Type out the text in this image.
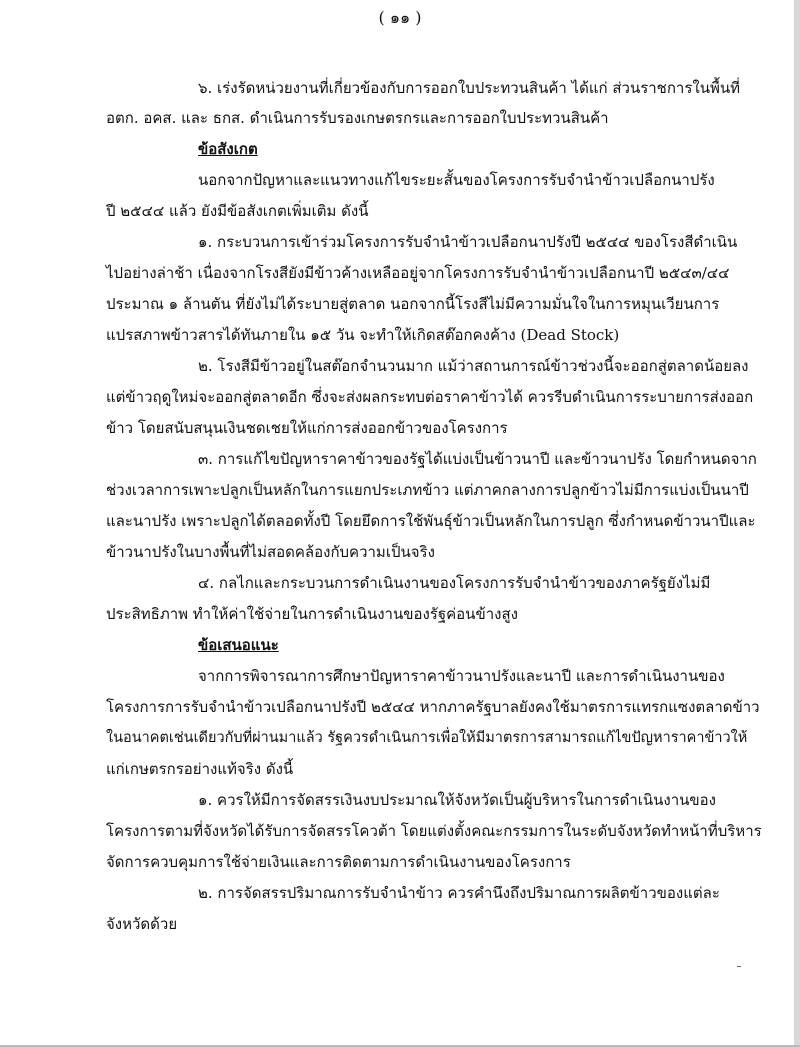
( ๑๑ )
๖. เร่งรัดหน่วยงานที่เกี่ยวข้องกับการออกใบประทวนสินค้า ได้แก่ ส่วนราชการในพื้นที่
อตก. อคส. และ ธกส. ดำเนินการรับรองเกษตรกรและการออกใบประทวนสินค้า
ข้อสังเกต
นอกจากปัญหาและแนวทางแก้ไขระยะสั้นของโครงการรับจำนำข้าวเปลือกนาปรัง
ปี ๒๕๔๔ แล้ว ยังมีข้อสังเกตเพิ่มเติม ดังนี้
๑. กระบวนการเข้าร่วมโครงการรับจำนำข้าวเปลือกนาปรังปี ๒๕๔๔ ของโรงสีดำเนิน
ไปอย่างล่าช้า เนื่องจากโรงสียังมีข้าวค้างเหลืออยู่จากโครงการรับจำนำข้าวเปลือกนาปี ๒๕๔๓/๔๔
ประมาณ ๑ ล้านตัน ที่ยังไม่ได้ระบายสู่ตลาด นอกจากนี้โรงสีไม่มีความมั่นใจในการหมุนเวียนการ
แปรสภาพข้าวสารได้ทันภายใน ๑๕ วัน จะทำให้เกิดสต๊อกคงค้าง (Dead Stock)
๒. โรงสีมีข้าวอยู่ในสต๊อกจำนวนมาก แม้ว่าสถานการณ์ข้าวช่วงนี้จะออกสู่ตลาดน้อยลง
แต่ข้าวฤดูใหม่จะออกสู่ตลาดอีก ซึ่งจะส่งผลกระทบต่อราคาข้าวได้ ควรรีบดำเนินการระบายการส่งออก
ข้าว โดยสนับสนุนเงินชดเชยให้แก่การส่งออกข้าวของโครงการ
๓. การแก้ไขปัญหาราคาข้าวของรัฐได้แบ่งเป็นข้าวนาปี และข้าวนาปรัง โดยกำหนดจาก
ช่วงเวลาการเพาะปลูกเป็นหลักในการแยกประเภทข้าว แต่ภาคกลางการปลูกข้าวไม่มีการแบ่งเป็นนาปี
และนาปรัง เพราะปลูกได้ตลอดทั้งปี โดยยึดการใช้พันธุ์ข้าวเป็นหลักในการปลูก ซึ่งกำหนดข้าวนาปีและ
ข้าวนาปรังในบางพื้นที่ไม่สอดคล้องกับความเป็นจริง
๔. กลไกและกระบวนการดำเนินงานของโครงการรับจำนำข้าวของภาครัฐยังไม่มี
ประสิทธิภาพ ทำให้ค่าใช้จ่ายในการดำเนินงานของรัฐค่อนข้างสูง
ข้อเสนอแนะ
จากการพิจารณาการศึกษาปัญหาราคาข้าวนาปรังและนาปี และการดำเนินงานของ
โครงการการรับจำนำข้าวเปลือกนาปรังปี ๒๕๔๔ หากภาครัฐบาลยังคงใช้มาตรการแทรกแซงตลาดข้าว
ในอนาคตเช่นเดียวกับที่ผ่านมาแล้ว รัฐควรดำเนินการเพื่อให้มีมาตรการสามารถแก้ไขปัญหาราคาข้าวให้
แก่เกษตรกรอย่างแท้จริง ดังนี้
๑. ควรให้มีการจัดสรรเงินงบประมาณให้จังหวัดเป็นผู้บริหารในการดำเนินงานของ
โครงการตามที่จังหวัดได้รับการจัดสรรโควต้า โดยแต่งตั้งคณะกรรมการในระดับจังหวัดทำหน้าที่บริหาร
จัดการควบคุมการใช้จ่ายเงินและการติดตามการดำเนินงานของโครงการ
๒. การจัดสรรปริมาณการรับจำนำข้าว ควรคำนึงถึงปริมาณการผลิตข้าวของแต่ละ
จังหวัดด้วย
